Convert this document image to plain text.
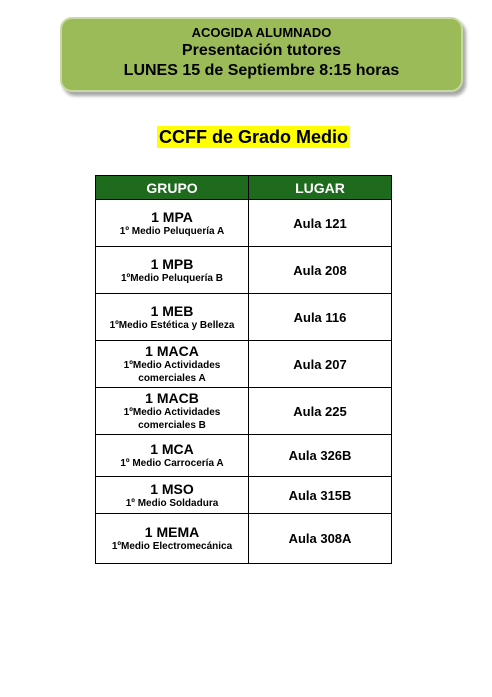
ACOGIDA ALUMNADO
Presentación tutores
LUNES 15 de Septiembre 8:15 horas
CCFF de Grado Medio
GRUPO	LUGAR

1 MPA
1º Medio Peluquería A	Aula 121

1 MPB
1ºMedio Peluquería B	Aula 208

1 MEB
1ºMedio Estética y Belleza	Aula 116

1 MACA
1ºMedio Actividades comerciales A	Aula 207

1 MACB
1ºMedio Actividades comerciales B	Aula 225

1 MCA
1º Medio Carrocería A	Aula 326B

1 MSO
1º Medio Soldadura	Aula 315B

1 MEMA
1ºMedio Electromecánica	Aula 308A
